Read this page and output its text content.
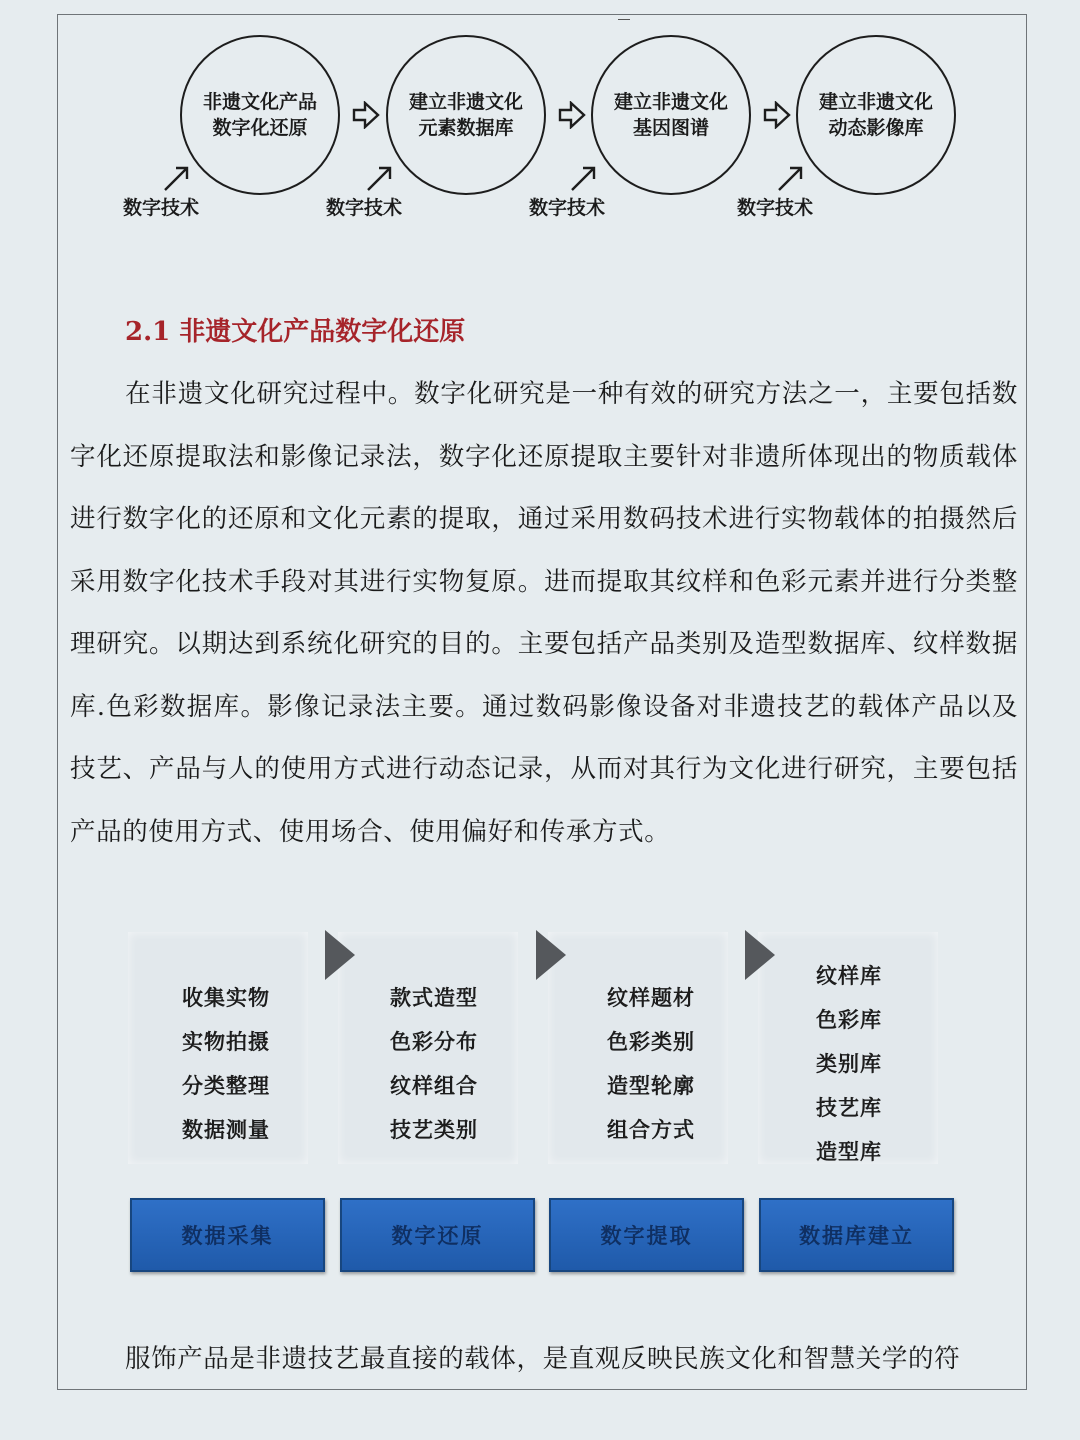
非遗文化产品
数字化还原
建立非遗文化
元素数据库
建立非遗文化
基因图谱
建立非遗文化
动态影像库
数字技术	数字技术	数字技术	数字技术
2.1 非遗文化产品数字化还原

在非遗文化研究过程中。数字化研究是一种有效的研究方法之一，主要包括数字化还原提取法和影像记录法，数字化还原提取主要针对非遗所体现出的物质载体进行数字化的还原和文化元素的提取，通过采用数码技术进行实物载体的拍摄然后采用数字化技术手段对其进行实物复原。进而提取其纹样和色彩元素并进行分类整理研究。以期达到系统化研究的目的。主要包括产品类别及造型数据库、纹样数据库.色彩数据库。影像记录法主要。通过数码影像设备对非遗技艺的载体产品以及技艺、产品与人的使用方式进行动态记录，从而对其行为文化进行研究，主要包括产品的使用方式、使用场合、使用偏好和传承方式。

收集实物
实物拍摄
分类整理
数据测量
款式造型
色彩分布
纹样组合
技艺类别
纹样题材
色彩类别
造型轮廓
组合方式
纹样库
色彩库
类别库
技艺库
造型库
数据采集	数字还原	数字提取	数据库建立
服饰产品是非遗技艺最直接的载体，是直观反映民族文化和智慧关学的符
